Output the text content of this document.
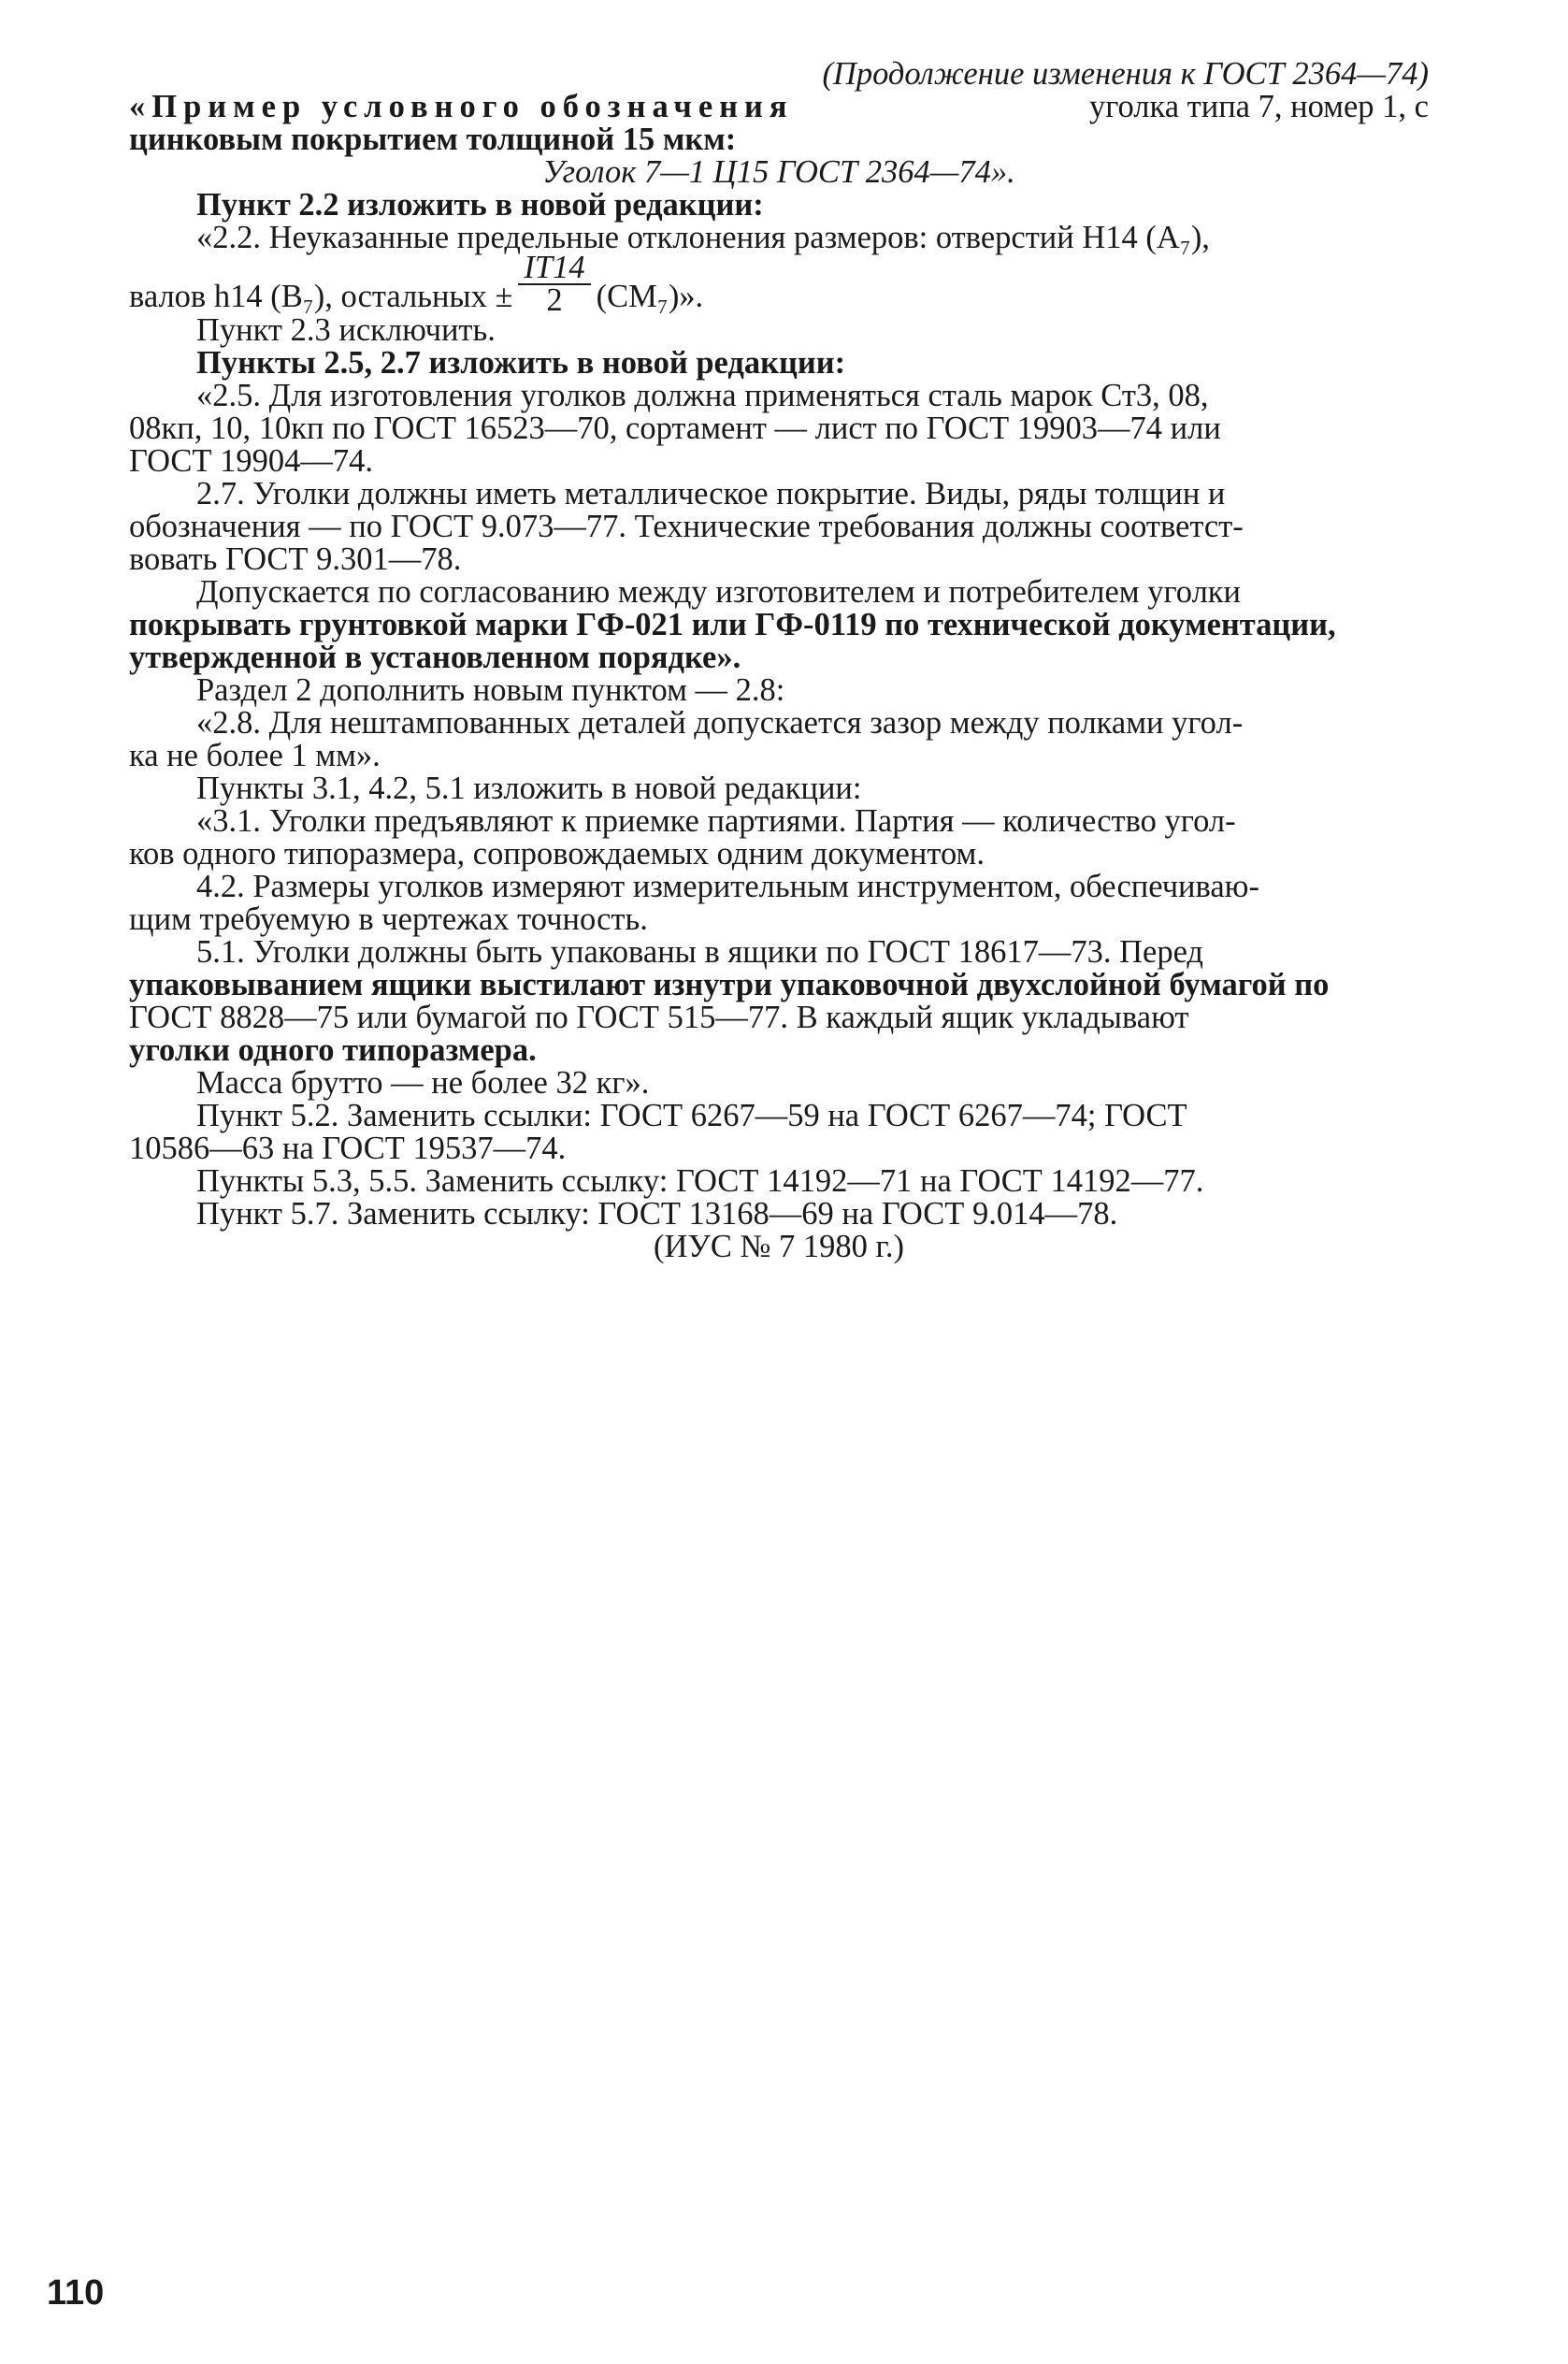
(Продолжение изменения к ГОСТ 2364—74)
«Пример условного обозначения	уголка типа 7, номер 1, с
цинковым покрытием толщиной 15 мкм:
Уголок 7—1 Ц15 ГОСТ 2364—74».
Пункт 2.2 изложить в новой редакции:
«2.2. Неуказанные предельные отклонения размеров: отверстий H14 (A₇),
валов h14 (B₇), остальных ± $\frac{IT14}{2} (CM_7)$».
Пункт 2.3 исключить.
Пункты 2.5, 2.7 изложить в новой редакции:
«2.5. Для изготовления уголков должна применяться сталь марок Ст3, 08,
08кп, 10, 10кп по ГОСТ 16523—70, сортамент — лист по ГОСТ 19903—74 или
ГОСТ 19904—74.
2.7. Уголки должны иметь металлическое покрытие. Виды, ряды толщин и
обозначения — по ГОСТ 9.073—77. Технические требования должны соответст-
вовать ГОСТ 9.301—78.
Допускается по согласованию между изготовителем и потребителем уголки
покрывать грунтовкой марки ГФ-021 или ГФ-0119 по технической документации,
утвержденной в установленном порядке».
Раздел 2 дополнить новым пунктом — 2.8:
«2.8. Для нештампованных деталей допускается зазор между полками угол-
ка не более 1 мм».
Пункты 3.1, 4.2, 5.1 изложить в новой редакции:
«3.1. Уголки предъявляют к приемке партиями. Партия — количество угол-
ков одного типоразмера, сопровождаемых одним документом.
4.2. Размеры уголков измеряют измерительным инструментом, обеспечиваю-
щим требуемую в чертежах точность.
5.1. Уголки должны быть упакованы в ящики по ГОСТ 18617—73. Перед
упаковыванием ящики выстилают изнутри упаковочной двухслойной бумагой по
ГОСТ 8828—75 или бумагой по ГОСТ 515—77. В каждый ящик укладывают
уголки одного типоразмера.
Масса брутто — не более 32 кг».
Пункт 5.2. Заменить ссылки: ГОСТ 6267—59 на ГОСТ 6267—74; ГОСТ
10586—63 на ГОСТ 19537—74.
Пункты 5.3, 5.5. Заменить ссылку: ГОСТ 14192—71 на ГОСТ 14192—77.
Пункт 5.7. Заменить ссылку: ГОСТ 13168—69 на ГОСТ 9.014—78.
(ИУС № 7 1980 г.)
110
